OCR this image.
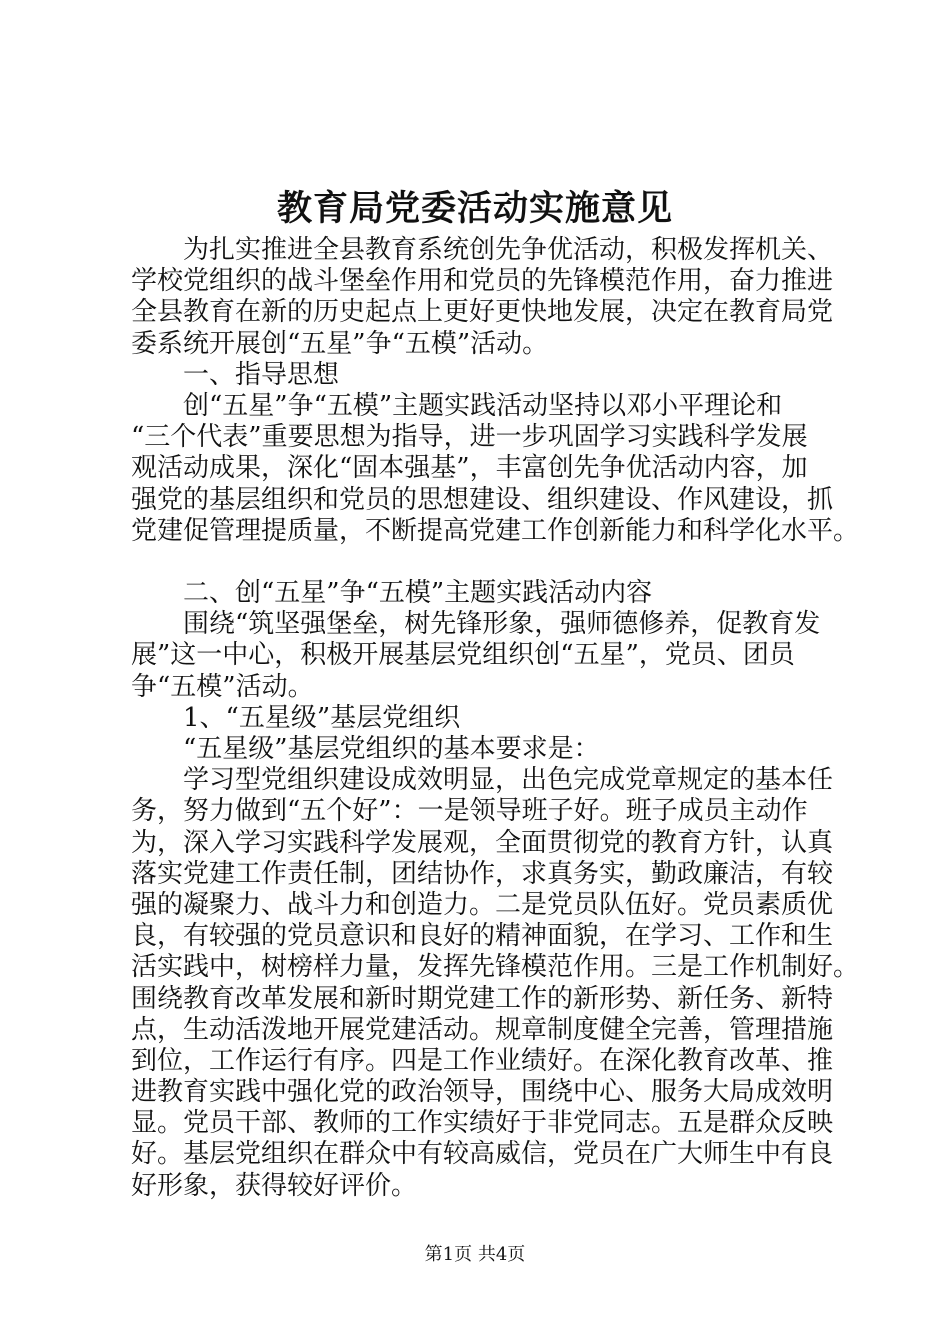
教育局党委活动实施意见
为扎实推进全县教育系统创先争优活动，积极发挥机关、
学校党组织的战斗堡垒作用和党员的先锋模范作用，奋力推进
全县教育在新的历史起点上更好更快地发展，决定在教育局党
委系统开展创“五星”争“五模”活动。
一、指导思想
创“五星”争“五模”主题实践活动坚持以邓小平理论和
“三个代表”重要思想为指导，进一步巩固学习实践科学发展
观活动成果，深化“固本强基”，丰富创先争优活动内容，加
强党的基层组织和党员的思想建设、组织建设、作风建设，抓
党建促管理提质量，不断提高党建工作创新能力和科学化水平。
二、创“五星”争“五模”主题实践活动内容
围绕“筑坚强堡垒，树先锋形象，强师德修养，促教育发
展”这一中心，积极开展基层党组织创“五星”，党员、团员
争“五模”活动。
1、“五星级”基层党组织
“五星级”基层党组织的基本要求是：
学习型党组织建设成效明显，出色完成党章规定的基本任
务，努力做到“五个好”：一是领导班子好。班子成员主动作
为，深入学习实践科学发展观，全面贯彻党的教育方针，认真
落实党建工作责任制，团结协作，求真务实，勤政廉洁，有较
强的凝聚力、战斗力和创造力。二是党员队伍好。党员素质优
良，有较强的党员意识和良好的精神面貌，在学习、工作和生
活实践中，树榜样力量，发挥先锋模范作用。三是工作机制好。
围绕教育改革发展和新时期党建工作的新形势、新任务、新特
点，生动活泼地开展党建活动。规章制度健全完善，管理措施
到位，工作运行有序。四是工作业绩好。在深化教育改革、推
进教育实践中强化党的政治领导，围绕中心、服务大局成效明
显。党员干部、教师的工作实绩好于非党同志。五是群众反映
好。基层党组织在群众中有较高威信，党员在广大师生中有良
好形象，获得较好评价。
第1页 共4页
